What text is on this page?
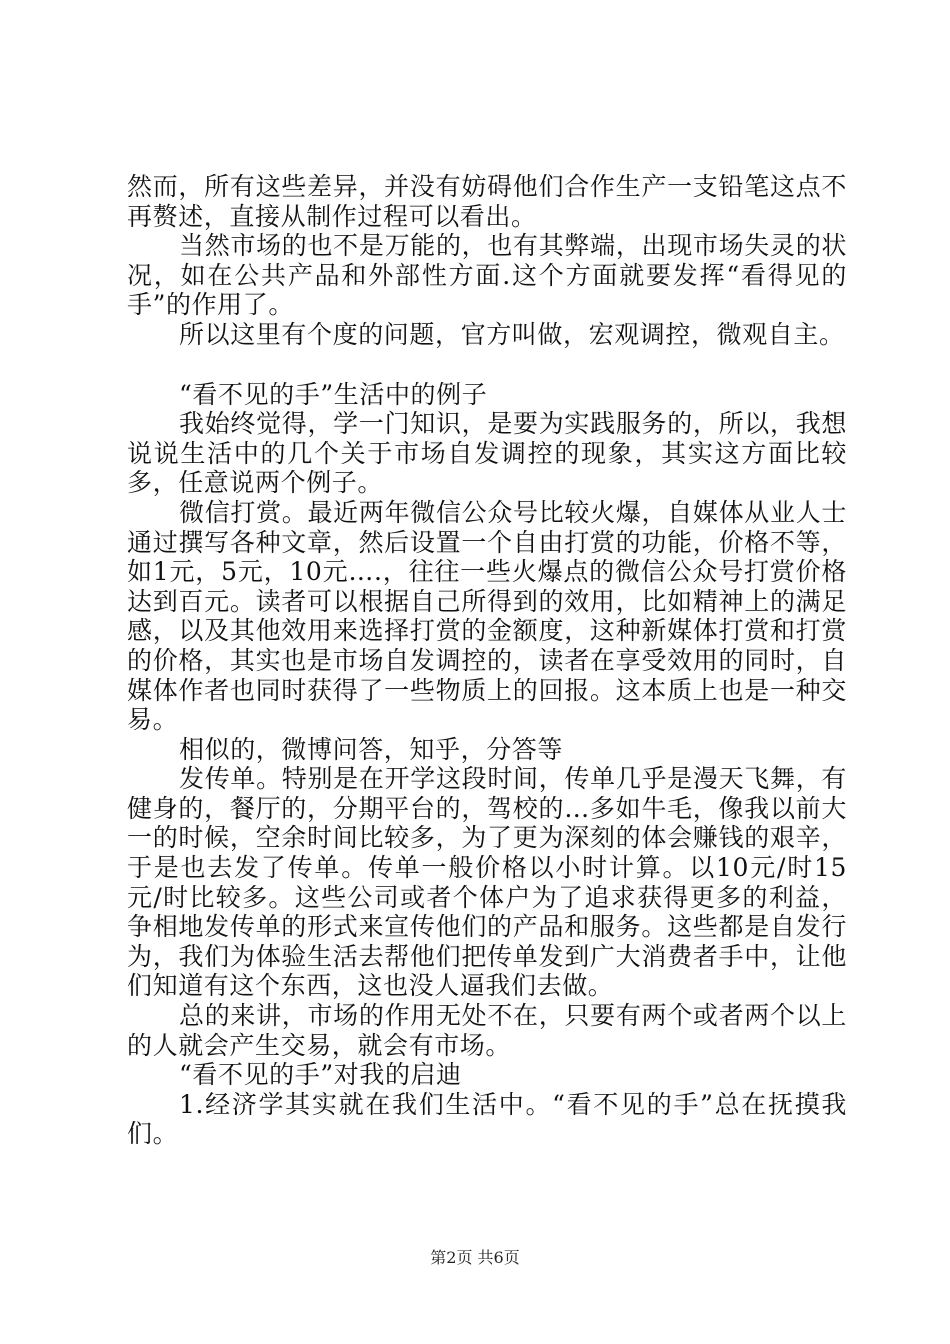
然而，所有这些差异，并没有妨碍他们合作生产一支铅笔这点不再赘述，直接从制作过程可以看出。

当然市场的也不是万能的，也有其弊端，出现市场失灵的状况，如在公共产品和外部性方面.这个方面就要发挥“看得见的手”的作用了。

所以这里有个度的问题，官方叫做，宏观调控，微观自主。

“看不见的手”生活中的例子

我始终觉得，学一门知识，是要为实践服务的，所以，我想说说生活中的几个关于市场自发调控的现象，其实这方面比较多，任意说两个例子。

微信打赏。最近两年微信公众号比较火爆，自媒体从业人士通过撰写各种文章，然后设置一个自由打赏的功能，价格不等，如1元，5元，10元….，往往一些火爆点的微信公众号打赏价格达到百元。读者可以根据自己所得到的效用，比如精神上的满足感，以及其他效用来选择打赏的金额度，这种新媒体打赏和打赏的价格，其实也是市场自发调控的，读者在享受效用的同时，自媒体作者也同时获得了一些物质上的回报。这本质上也是一种交易。

相似的，微博问答，知乎，分答等

发传单。特别是在开学这段时间，传单几乎是漫天飞舞，有健身的，餐厅的，分期平台的，驾校的…多如牛毛，像我以前大一的时候，空余时间比较多，为了更为深刻的体会赚钱的艰辛，于是也去发了传单。传单一般价格以小时计算。以10元/时15元/时比较多。这些公司或者个体户为了追求获得更多的利益，争相地发传单的形式来宣传他们的产品和服务。这些都是自发行为，我们为体验生活去帮他们把传单发到广大消费者手中，让他们知道有这个东西，这也没人逼我们去做。

总的来讲，市场的作用无处不在，只要有两个或者两个以上的人就会产生交易，就会有市场。

“看不见的手”对我的启迪

1.经济学其实就在我们生活中。“看不见的手”总在抚摸我们。

第2页 共6页
